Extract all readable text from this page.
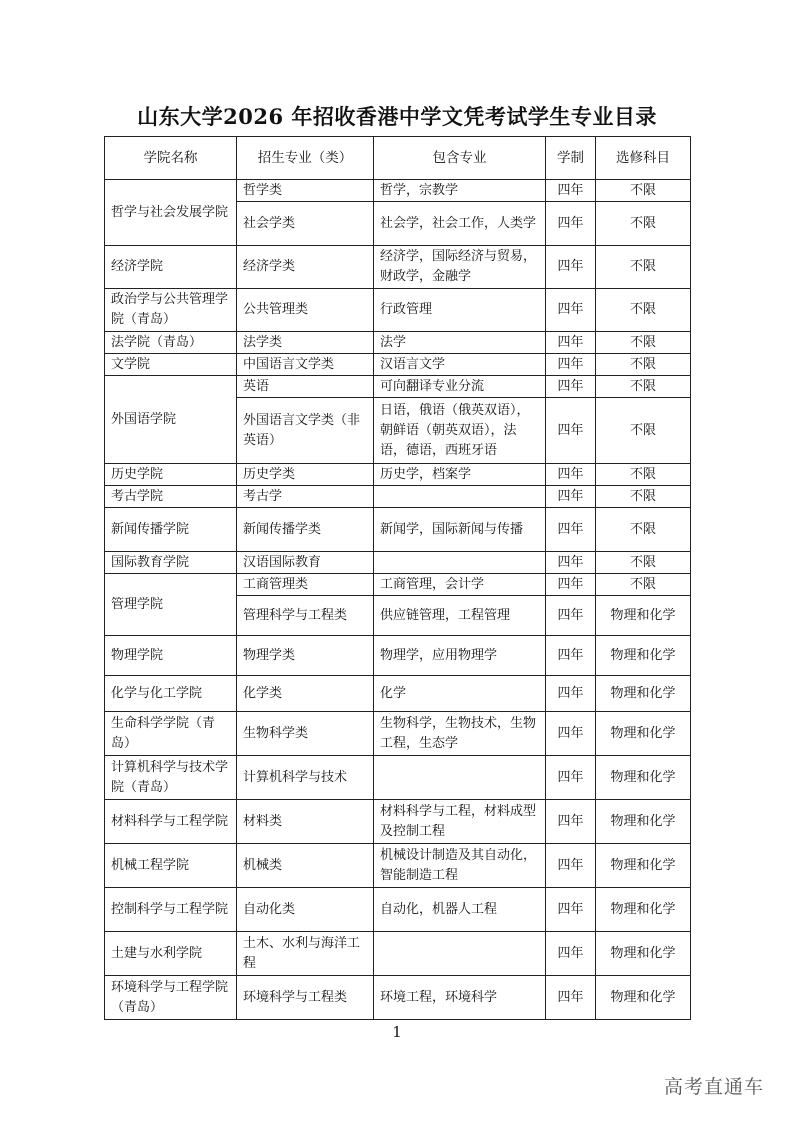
山东大学2026 年招收香港中学文凭考试学生专业目录
学院名称	招生专业（类）	包含专业	学制	选修科目
哲学与社会发展学院	哲学类	哲学，宗教学	四年	不限
	社会学类	社会学，社会工作，人类学	四年	不限
经济学院	经济学类	经济学，国际经济与贸易，财政学，金融学	四年	不限
政治学与公共管理学院（青岛）	公共管理类	行政管理	四年	不限
法学院（青岛）	法学类	法学	四年	不限
文学院	中国语言文学类	汉语言文学	四年	不限
外国语学院	英语	可向翻译专业分流	四年	不限
	外国语言文学类（非英语）	日语，俄语（俄英双语），朝鲜语（朝英双语），法语，德语，西班牙语	四年	不限
历史学院	历史学类	历史学，档案学	四年	不限
考古学院	考古学		四年	不限
新闻传播学院	新闻传播学类	新闻学，国际新闻与传播	四年	不限
国际教育学院	汉语国际教育		四年	不限
管理学院	工商管理类	工商管理，会计学	四年	不限
	管理科学与工程类	供应链管理，工程管理	四年	物理和化学
物理学院	物理学类	物理学，应用物理学	四年	物理和化学
化学与化工学院	化学类	化学	四年	物理和化学
生命科学学院（青岛）	生物科学类	生物科学，生物技术，生物工程，生态学	四年	物理和化学
计算机科学与技术学院（青岛）	计算机科学与技术		四年	物理和化学
材料科学与工程学院	材料类	材料科学与工程，材料成型及控制工程	四年	物理和化学
机械工程学院	机械类	机械设计制造及其自动化，智能制造工程	四年	物理和化学
控制科学与工程学院	自动化类	自动化，机器人工程	四年	物理和化学
土建与水利学院	土木、水利与海洋工程		四年	物理和化学
环境科学与工程学院（青岛）	环境科学与工程类	环境工程，环境科学	四年	物理和化学
1
高考直通车
